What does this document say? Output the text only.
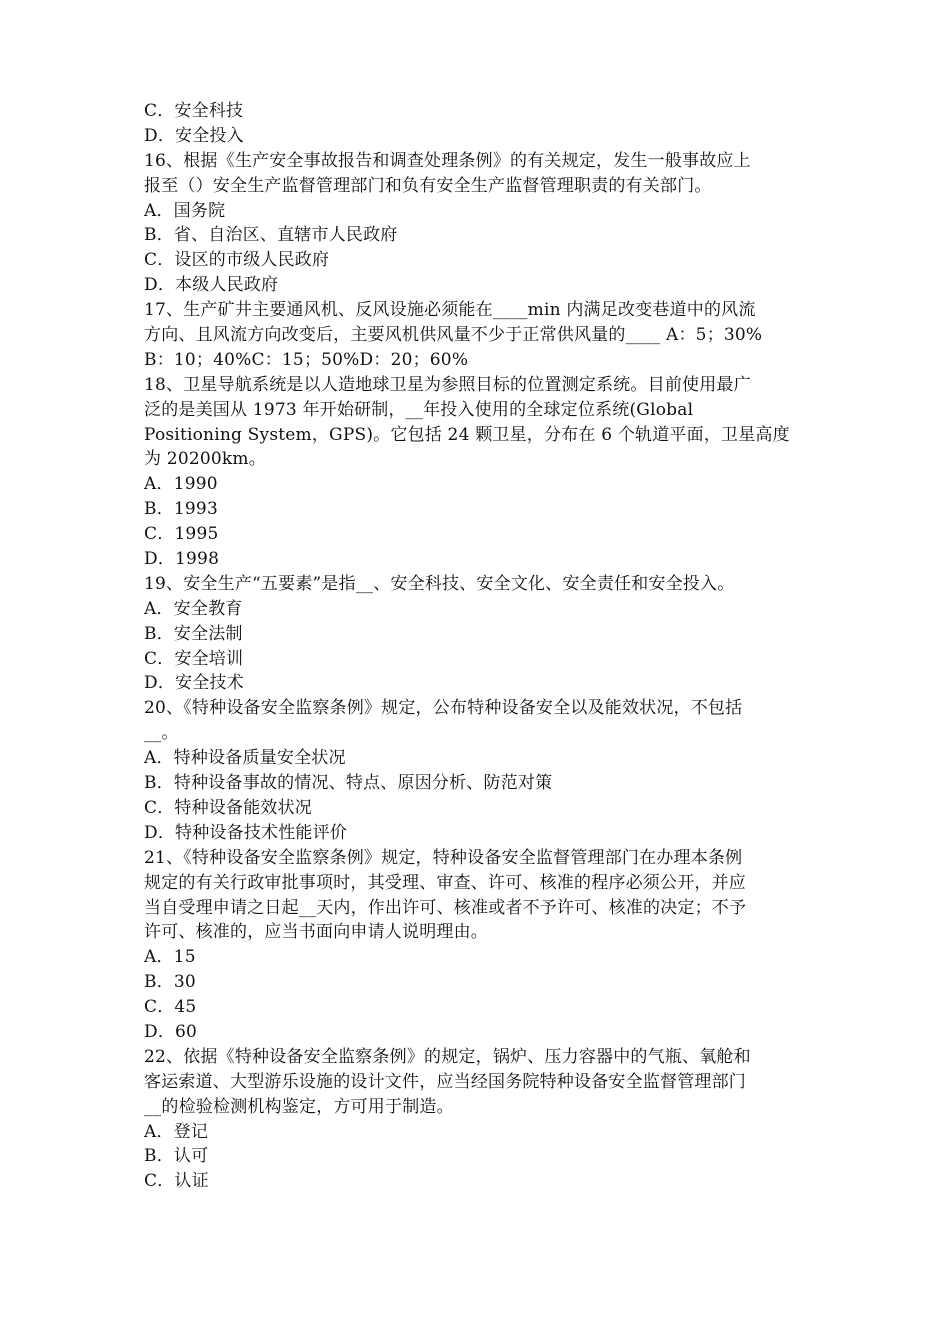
C．安全科技
D．安全投入
16、根据《生产安全事故报告和调查处理条例》的有关规定，发生一般事故应上
报至（）安全生产监督管理部门和负有安全生产监督管理职责的有关部门。
A．国务院
B．省、自治区、直辖市人民政府
C．设区的市级人民政府
D．本级人民政府
17、生产矿井主要通风机、反风设施必须能在____min 内满足改变巷道中的风流
方向、且风流方向改变后，主要风机供风量不少于正常供风量的____ A：5；30%
B：10；40%C：15；50%D：20；60%
18、卫星导航系统是以人造地球卫星为参照目标的位置测定系统。目前使用最广
泛的是美国从 1973 年开始研制，__年投入使用的全球定位系统(Global
Positioning System，GPS)。它包括 24 颗卫星，分布在 6 个轨道平面，卫星高度
为 20200km。
A．1990
B．1993
C．1995
D．1998
19、安全生产“五要素”是指__、安全科技、安全文化、安全责任和安全投入。
A．安全教育
B．安全法制
C．安全培训
D．安全技术
20、《特种设备安全监察条例》规定，公布特种设备安全以及能效状况，不包括
__。
A．特种设备质量安全状况
B．特种设备事故的情况、特点、原因分析、防范对策
C．特种设备能效状况
D．特种设备技术性能评价
21、《特种设备安全监察条例》规定，特种设备安全监督管理部门在办理本条例
规定的有关行政审批事项时，其受理、审查、许可、核准的程序必须公开，并应
当自受理申请之日起__天内，作出许可、核准或者不予许可、核准的决定；不予
许可、核准的，应当书面向申请人说明理由。
A．15
B．30
C．45
D．60
22、依据《特种设备安全监察条例》的规定，锅炉、压力容器中的气瓶、氧舱和
客运索道、大型游乐设施的设计文件，应当经国务院特种设备安全监督管理部门
__的检验检测机构鉴定，方可用于制造。
A．登记
B．认可
C．认证
